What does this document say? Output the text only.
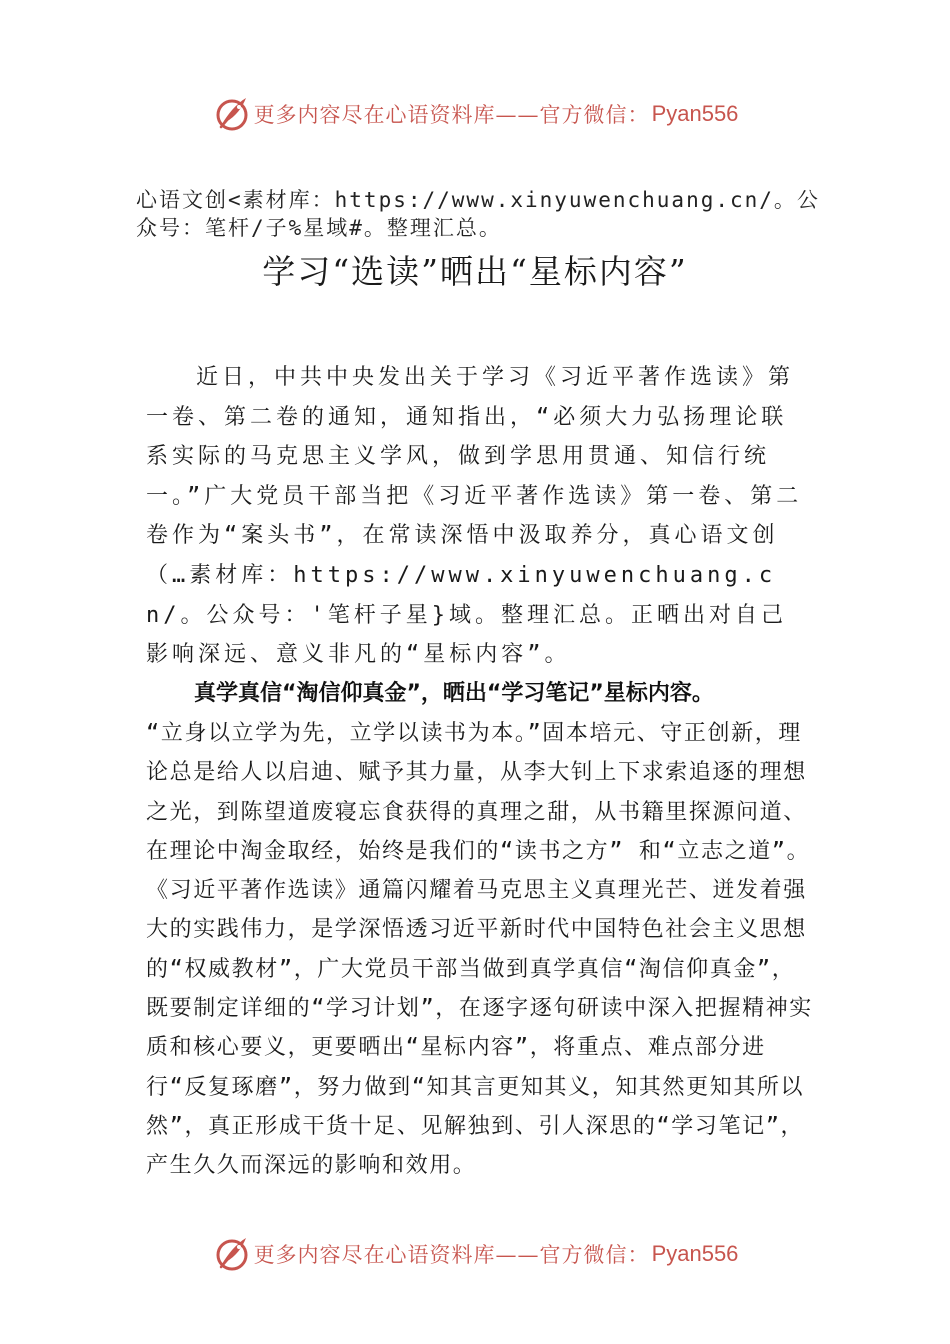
更多内容尽在心语资料库——官方微信： Pyan556
心语文创<素材库：https://www.xinyuwenchuang.cn/。公众号：笔杆/子%星域#。整理汇总。
学习“选读”晒出“星标内容”

近日，中共中央发出关于学习《习近平著作选读》第一卷、第二卷的通知，通知指出，“必须大力弘扬理论联系实际的马克思主义学风，做到学思用贯通、知信行统一。”广大党员干部当把《习近平著作选读》第一卷、第二卷作为“案头书”，在常读深悟中汲取养分，真心语文创（…素材库：https://www.xinyuwenchuang.cn/。公众号：'笔杆子星}域。整理汇总。正晒出对自己影响深远、意义非凡的“星标内容”。

真学真信“淘信仰真金”，晒出“学习笔记”星标内容。

“立身以立学为先，立学以读书为本。”固本培元、守正创新，理论总是给人以启迪、赋予其力量，从李大钊上下求索追逐的理想之光，到陈望道废寝忘食获得的真理之甜，从书籍里探源问道、在理论中淘金取经，始终是我们的“读书之方” 和“立志之道”。《习近平著作选读》通篇闪耀着马克思主义真理光芒、迸发着强大的实践伟力，是学深悟透习近平新时代中国特色社会主义思想的“权威教材”，广大党员干部当做到真学真信“淘信仰真金”，既要制定详细的“学习计划”，在逐字逐句研读中深入把握精神实质和核心要义，更要晒出“星标内容”，将重点、难点部分进行“反复琢磨”，努力做到“知其言更知其义，知其然更知其所以然”，真正形成干货十足、见解独到、引人深思的“学习笔记”，产生久久而深远的影响和效用。

更多内容尽在心语资料库——官方微信： Pyan556
